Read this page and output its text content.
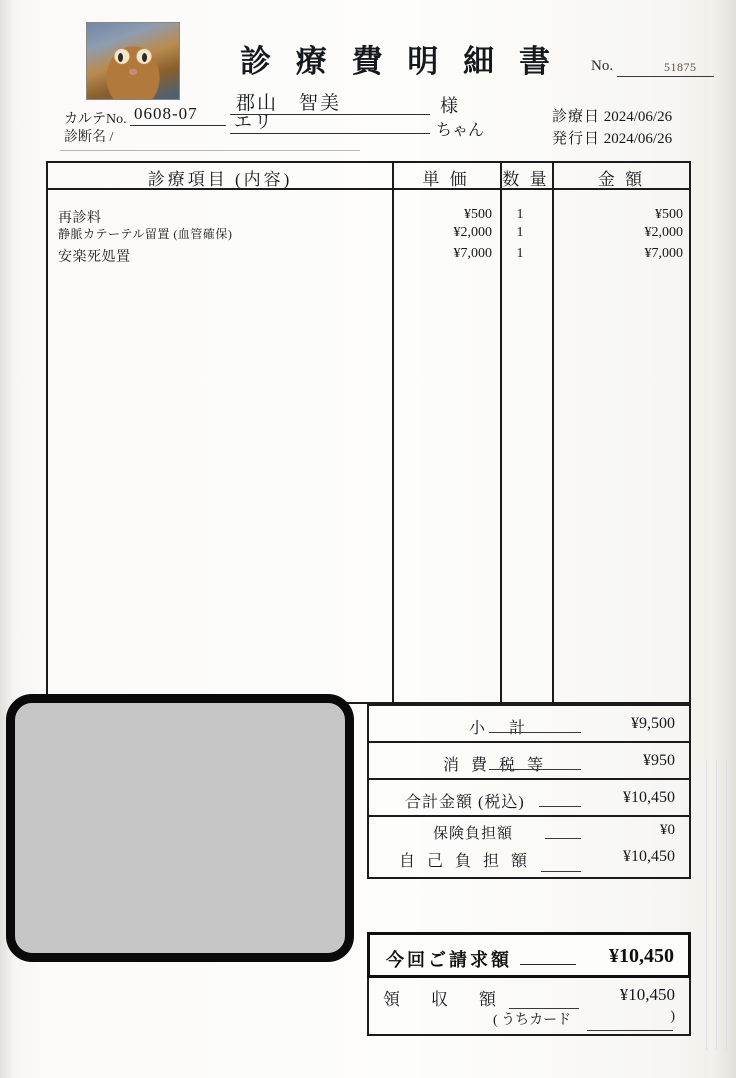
診 療 費 明 細 書 No.	51875
郡山　智美	様
カルテNo. 0608-07 エリ	ちゃん
診断名 /
診療日 2024/06/26
発行日 2024/06/26
診療項目 (内容)	単 価	数 量	金 額
再診料	¥500	1	¥500
静脈カテーテル留置 (血管確保)	¥2,000	1	¥2,000
安楽死処置	¥7,000	1	¥7,000
小　計	¥9,500
消 費 税 等	¥950
合計金額 (税込)	¥10,450
保険負担額	¥0
自 己 負 担 額	¥10,450
今回ご請求額	¥10,450
領　収　額	¥10,450
( うちカード	)
